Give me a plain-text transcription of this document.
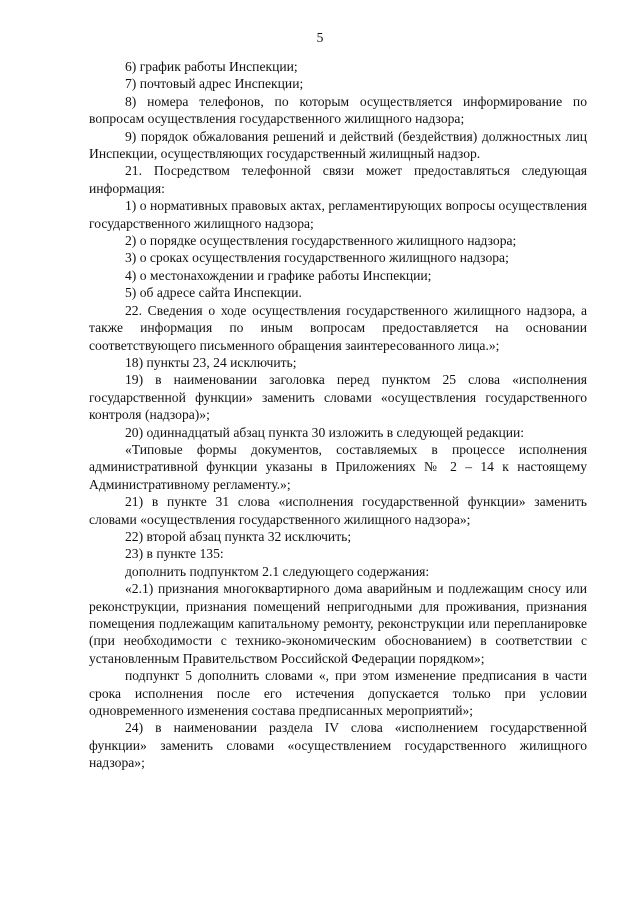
5

6) график работы Инспекции;

7) почтовый адрес Инспекции;

8) номера телефонов, по которым осуществляется информирование по вопросам осуществления государственного жилищного надзора;

9) порядок обжалования решений и действий (бездействия) должностных лиц Инспекции, осуществляющих государственный жилищный надзор.

21. Посредством телефонной связи может предоставляться следующая информация:

1) о нормативных правовых актах, регламентирующих вопросы осуществления государственного жилищного надзора;

2) о порядке осуществления государственного жилищного надзора;

3) о сроках осуществления государственного жилищного надзора;

4) о местонахождении и графике работы Инспекции;

5) об адресе сайта Инспекции.

22. Сведения о ходе осуществления государственного жилищного надзора, а также информация по иным вопросам предоставляется на основании соответствующего письменного обращения заинтересованного лица.»;

18) пункты 23, 24 исключить;

19) в наименовании заголовка перед пунктом 25 слова «исполнения государственной функции» заменить словами «осуществления государственного контроля (надзора)»;

20) одиннадцатый абзац пункта 30 изложить в следующей редакции:

«Типовые формы документов, составляемых в процессе исполнения административной функции указаны в Приложениях № 2 – 14 к настоящему Административному регламенту.»;

21) в пункте 31 слова «исполнения государственной функции» заменить словами «осуществления государственного жилищного надзора»;

22) второй абзац пункта 32 исключить;

23) в пункте 135:

дополнить подпунктом 2.1 следующего содержания:

«2.1) признания многоквартирного дома аварийным и подлежащим сносу или реконструкции, признания помещений непригодными для проживания, признания помещения подлежащим капитальному ремонту, реконструкции или перепланировке (при необходимости с технико-экономическим обоснованием) в соответствии с установленным Правительством Российской Федерации порядком»;

подпункт 5 дополнить словами «, при этом изменение предписания в части срока исполнения после его истечения допускается только при условии одновременного изменения состава предписанных мероприятий»;

24) в наименовании раздела IV слова «исполнением государственной функции» заменить словами «осуществлением государственного жилищного надзора»;
